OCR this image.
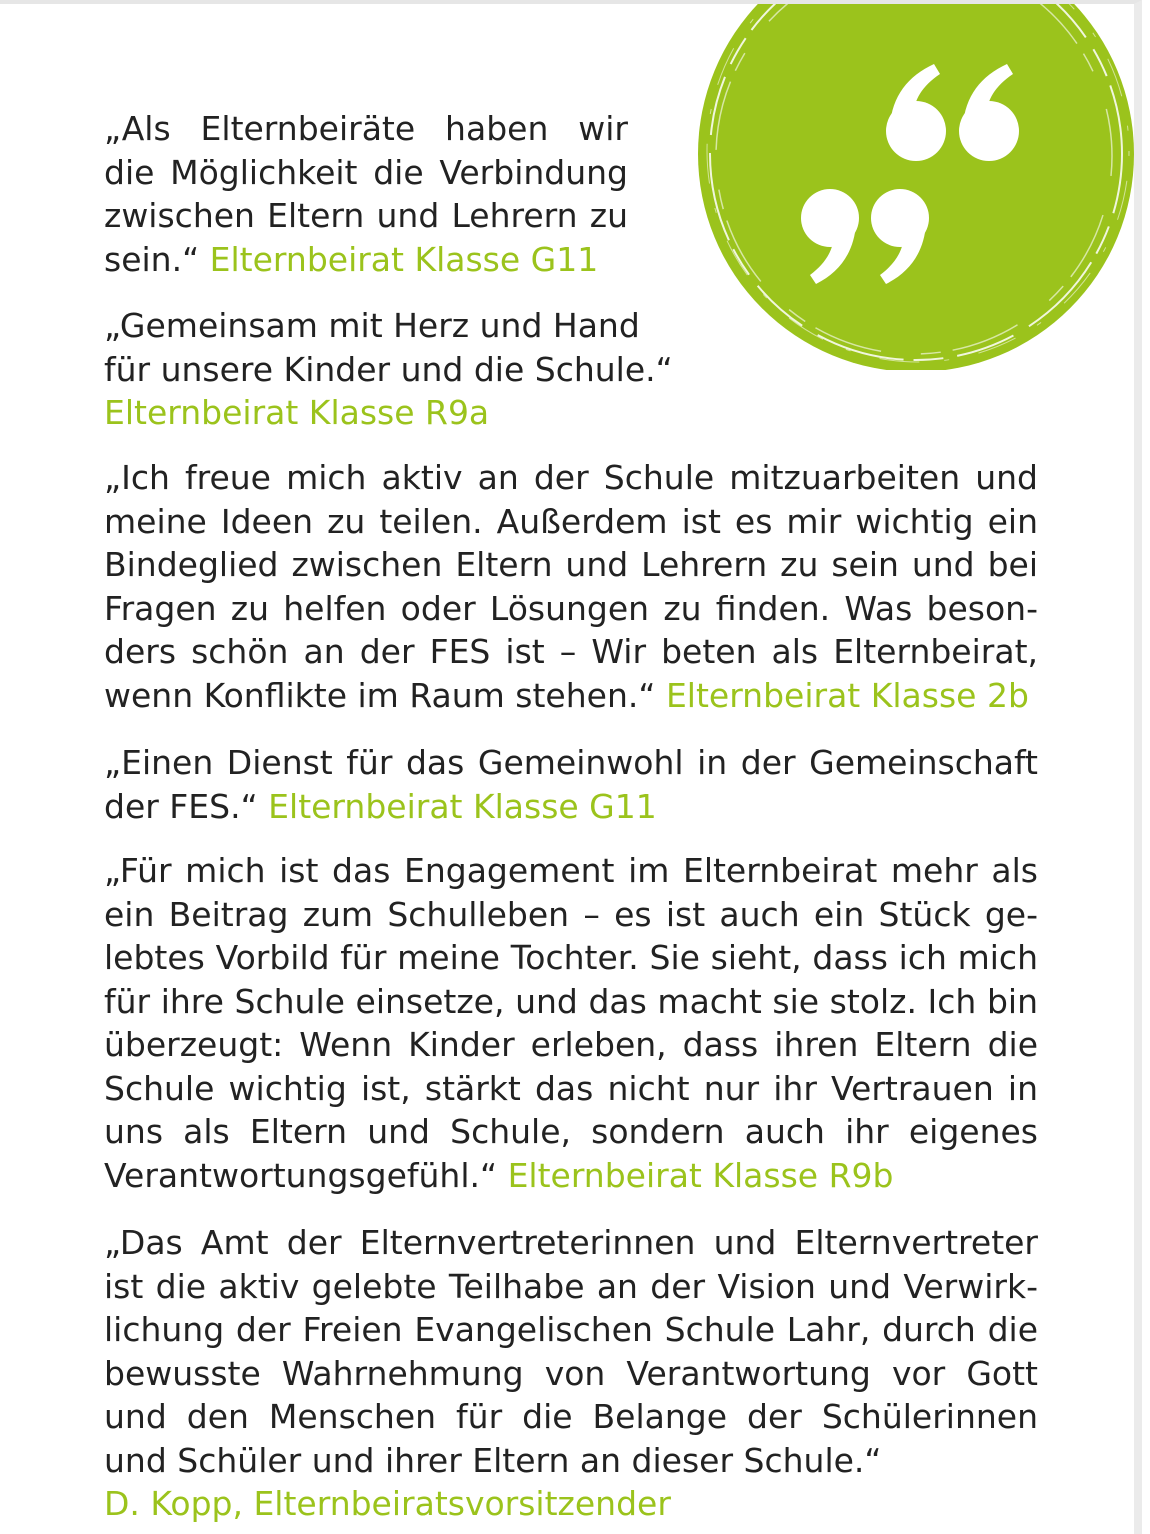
„Als Elternbeiräte haben wir
die Möglichkeit die Verbindung
zwischen Eltern und Lehrern zu
sein.“ Elternbeirat Klasse G11
„Gemeinsam mit Herz und Hand
für unsere Kinder und die Schule.“
Elternbeirat Klasse R9a
„Ich freue mich aktiv an der Schule mitzuarbeiten und
meine Ideen zu teilen. Außerdem ist es mir wichtig ein
Bindeglied zwischen Eltern und Lehrern zu sein und bei
Fragen zu helfen oder Lösungen zu finden. Was beson-
ders schön an der FES ist – Wir beten als Elternbeirat,
wenn Konflikte im Raum stehen.“ Elternbeirat Klasse 2b
„Einen Dienst für das Gemeinwohl in der Gemeinschaft
der FES.“ Elternbeirat Klasse G11
„Für mich ist das Engagement im Elternbeirat mehr als
ein Beitrag zum Schulleben – es ist auch ein Stück ge-
lebtes Vorbild für meine Tochter. Sie sieht, dass ich mich
für ihre Schule einsetze, und das macht sie stolz. Ich bin
überzeugt: Wenn Kinder erleben, dass ihren Eltern die
Schule wichtig ist, stärkt das nicht nur ihr Vertrauen in
uns als Eltern und Schule, sondern auch ihr eigenes
Verantwortungsgefühl.“ Elternbeirat Klasse R9b
„Das Amt der Elternvertreterinnen und Elternvertreter
ist die aktiv gelebte Teilhabe an der Vision und Verwirk-
lichung der Freien Evangelischen Schule Lahr, durch die
bewusste Wahrnehmung von Verantwortung vor Gott
und den Menschen für die Belange der Schülerinnen
und Schüler und ihrer Eltern an dieser Schule.“
D. Kopp, Elternbeiratsvorsitzender
